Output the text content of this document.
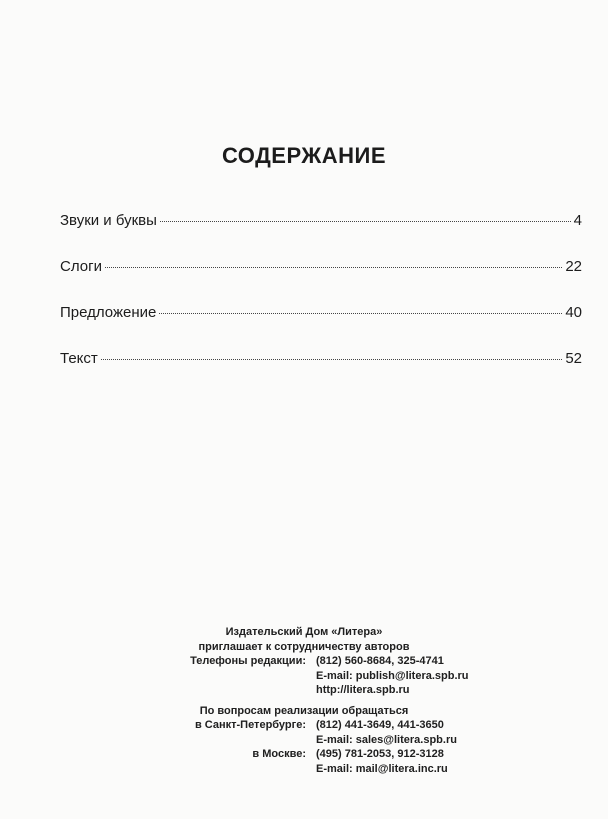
СОДЕРЖАНИЕ
Звуки и буквы	4
Слоги	22
Предложение	40
Текст	52
Издательский Дом «Литера»
приглашает к сотрудничеству авторов
Телефоны редакции: (812) 560-8684, 325-4741
E-mail: publish@litera.spb.ru
http://litera.spb.ru
По вопросам реализации обращаться
в Санкт-Петербурге: (812) 441-3649, 441-3650
E-mail: sales@litera.spb.ru
в Москве: (495) 781-2053, 912-3128
E-mail: mail@litera.inc.ru
